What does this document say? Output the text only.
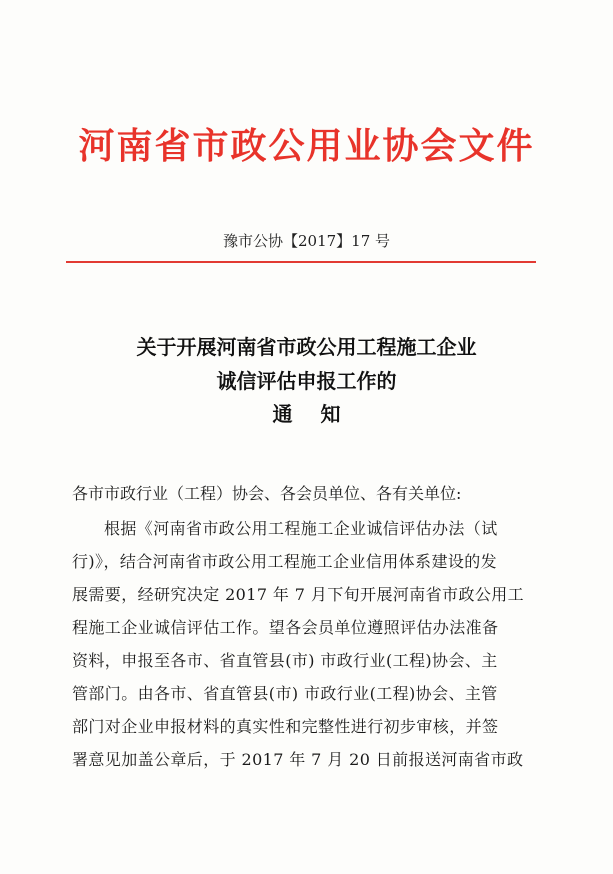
河南省市政公用业协会文件
豫市公协【2017】17 号
关于开展河南省市政公用工程施工企业
诚信评估申报工作的
通知
各市市政行业（工程）协会、各会员单位、各有关单位:
根据《河南省市政公用工程施工企业诚信评估办法（试
行)》，结合河南省市政公用工程施工企业信用体系建设的发
展需要，经研究决定 2017 年 7 月下旬开展河南省市政公用工
程施工企业诚信评估工作。望各会员单位遵照评估办法准备
资料，申报至各市、省直管县(市) 市政行业(工程)协会、主
管部门。由各市、省直管县(市) 市政行业(工程)协会、主管
部门对企业申报材料的真实性和完整性进行初步审核，并签
署意见加盖公章后，于 2017 年 7 月 20 日前报送河南省市政
